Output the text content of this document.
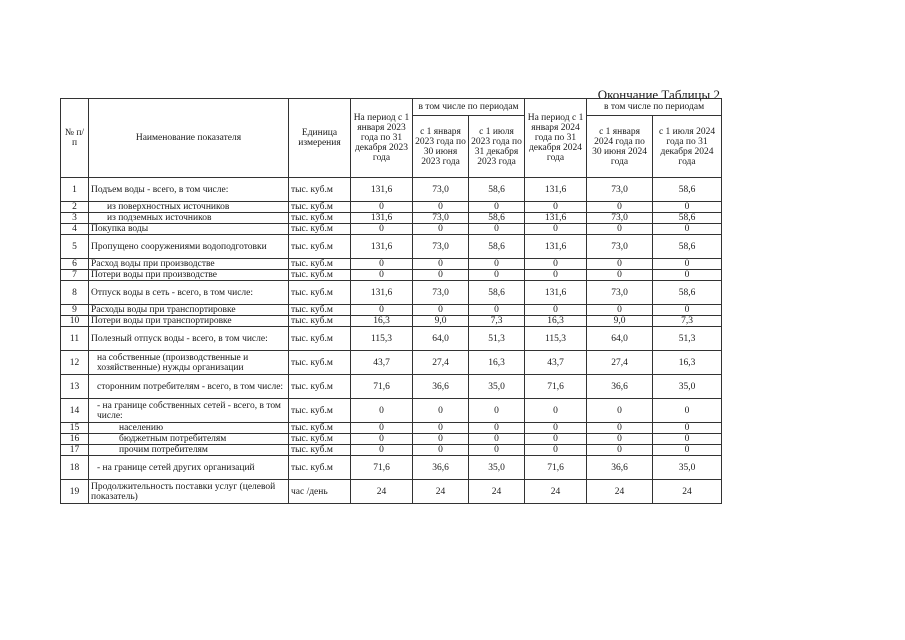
Окончание Таблицы 2
№ п/п	Наименование показателя	Единица измерения	На период с 1 января 2023 года по 31 декабря 2023 года	в том числе по периодам		На период с 1 января 2024 года по 31 декабря 2024 года	в том числе по периодам	
				с 1 января 2023 года по 30 июня 2023 года	с 1 июля 2023 года по 31 декабря 2023 года		с 1 января 2024 года по 30 июня 2024 года	с 1 июля 2024 года по 31 декабря 2024 года
1	Подъем воды - всего, в том числе:	тыс. куб.м	131,6	73,0	58,6	131,6	73,0	58,6
2	из поверхностных источников	тыс. куб.м	0	0	0	0	0	0
3	из подземных источников	тыс. куб.м	131,6	73,0	58,6	131,6	73,0	58,6
4	Покупка воды	тыс. куб.м	0	0	0	0	0	0
5	Пропущено сооружениями водоподготовки	тыс. куб.м	131,6	73,0	58,6	131,6	73,0	58,6
6	Расход воды при производстве	тыс. куб.м	0	0	0	0	0	0
7	Потери воды при производстве	тыс. куб.м	0	0	0	0	0	0
8	Отпуск воды в сеть - всего, в том числе:	тыс. куб.м	131,6	73,0	58,6	131,6	73,0	58,6
9	Расходы воды при транспортировке	тыс. куб.м	0	0	0	0	0	0
10	Потери воды при транспортировке	тыс. куб.м	16,3	9,0	7,3	16,3	9,0	7,3
11	Полезный отпуск воды - всего, в том числе:	тыс. куб.м	115,3	64,0	51,3	115,3	64,0	51,3
12	на собственные (производственные и хозяйственные) нужды организации	тыс. куб.м	43,7	27,4	16,3	43,7	27,4	16,3
13	сторонним потребителям - всего, в том числе:	тыс. куб.м	71,6	36,6	35,0	71,6	36,6	35,0
14	- на границе собственных сетей - всего, в том числе:	тыс. куб.м	0	0	0	0	0	0
15	населению	тыс. куб.м	0	0	0	0	0	0
16	бюджетным потребителям	тыс. куб.м	0	0	0	0	0	0
17	прочим потребителям	тыс. куб.м	0	0	0	0	0	0
18	- на границе сетей других организаций	тыс. куб.м	71,6	36,6	35,0	71,6	36,6	35,0
19	Продолжительность поставки услуг (целевой показатель)	час /день	24	24	24	24	24	24
